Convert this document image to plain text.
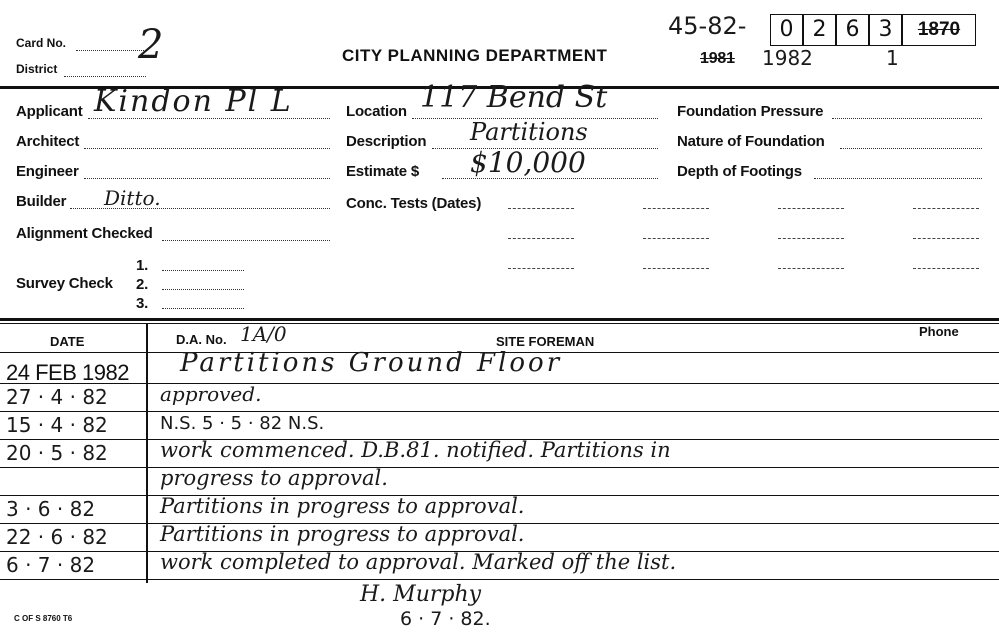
Card No. 2
District
CITY PLANNING DEPARTMENT
45-82-	0 2 6 3	1870
1981 1982	1
Applicant Kindon Pl L
Architect
Engineer
Builder Ditto.
Alignment Checked
Survey Check
1.
2.
3.
Location 117 Bend St
Description Partitions
Estimate $ $10,000
Conc. Tests (Dates)
Foundation Pressure
Nature of Foundation
Depth of Footings
DATE	D.A. No. 1A/0	SITE FOREMAN
Phone
24 FEB 1982 Partitions Ground Floor
27 · 4 · 82	approved.
15 · 4 · 82	N.S. 5 · 5 · 82 N.S.
20 · 5 · 82 work commenced. D.B.81. notified. Partitions in
progress to approval.
3 · 6 · 82	Partitions in progress to approval.
22 · 6 · 82 Partitions in progress to approval.
6 · 7 · 82	work completed to approval. Marked off the list.
H. Murphy
6 · 7 · 82.
C OF S 8760 T6
